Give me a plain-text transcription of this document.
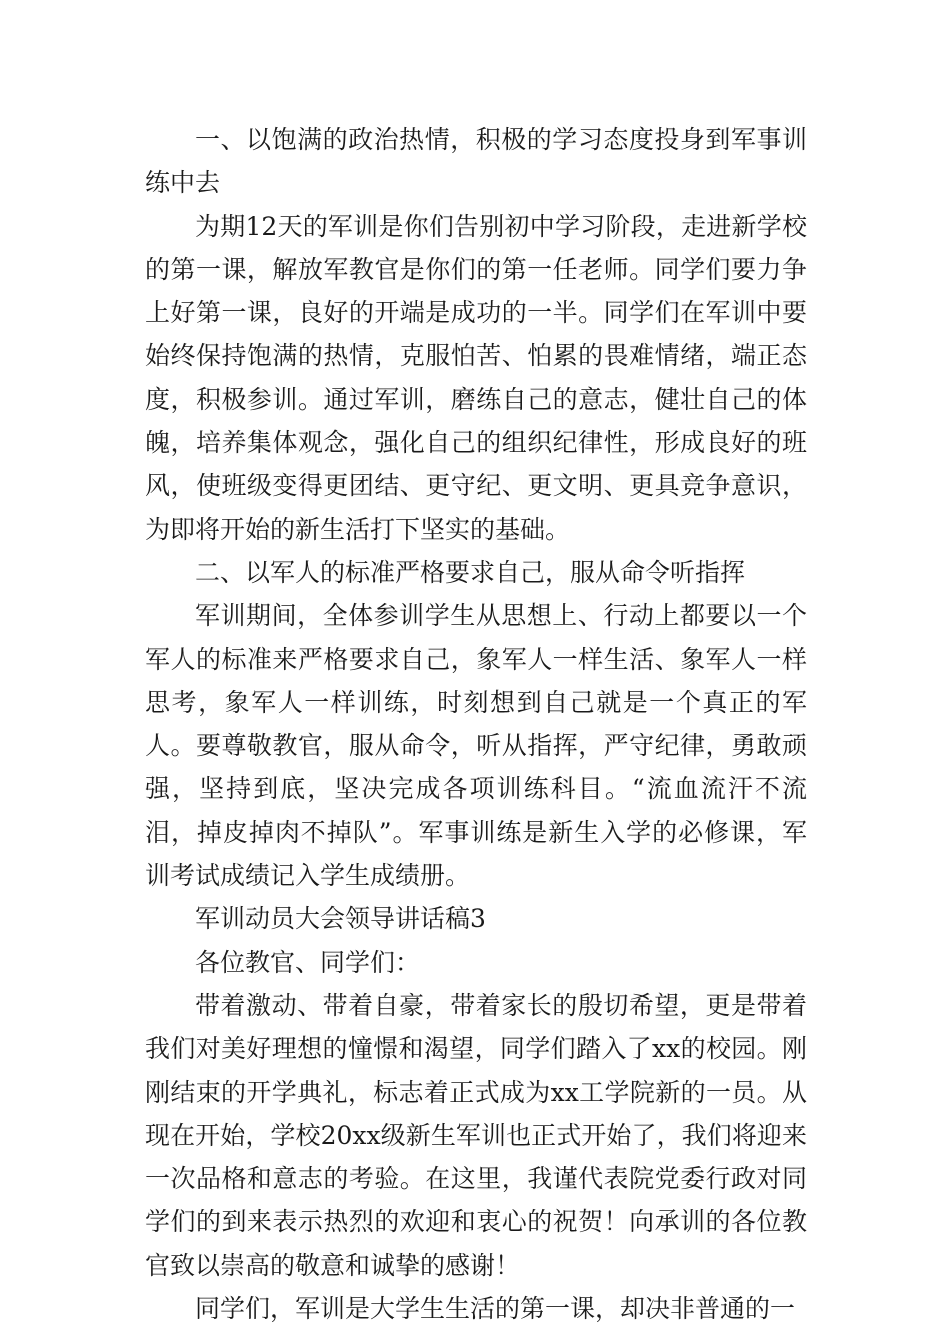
一、以饱满的政治热情，积极的学习态度投身到军事训练中去

为期12天的军训是你们告别初中学习阶段，走进新学校的第一课，解放军教官是你们的第一任老师。同学们要力争上好第一课，良好的开端是成功的一半。同学们在军训中要始终保持饱满的热情，克服怕苦、怕累的畏难情绪，端正态度，积极参训。通过军训，磨练自己的意志，健壮自己的体魄，培养集体观念，强化自己的组织纪律性，形成良好的班风，使班级变得更团结、更守纪、更文明、更具竞争意识，为即将开始的新生活打下坚实的基础。

二、以军人的标准严格要求自己，服从命令听指挥

军训期间，全体参训学生从思想上、行动上都要以一个军人的标准来严格要求自己，象军人一样生活、象军人一样思考，象军人一样训练，时刻想到自己就是一个真正的军人。要尊敬教官，服从命令，听从指挥，严守纪律，勇敢顽强，坚持到底，坚决完成各项训练科目。“流血流汗不流泪，掉皮掉肉不掉队”。军事训练是新生入学的必修课，军训考试成绩记入学生成绩册。

军训动员大会领导讲话稿3

各位教官、同学们：

带着激动、带着自豪，带着家长的殷切希望，更是带着我们对美好理想的憧憬和渴望，同学们踏入了xx的校园。刚刚结束的开学典礼，标志着正式成为xx工学院新的一员。从现在开始，学校20xx级新生军训也正式开始了，我们将迎来一次品格和意志的考验。在这里，我谨代表院党委行政对同学们的到来表示热烈的欢迎和衷心的祝贺！向承训的各位教官致以崇高的敬意和诚挚的感谢！

同学们，军训是大学生生活的第一课，却决非普通的一
